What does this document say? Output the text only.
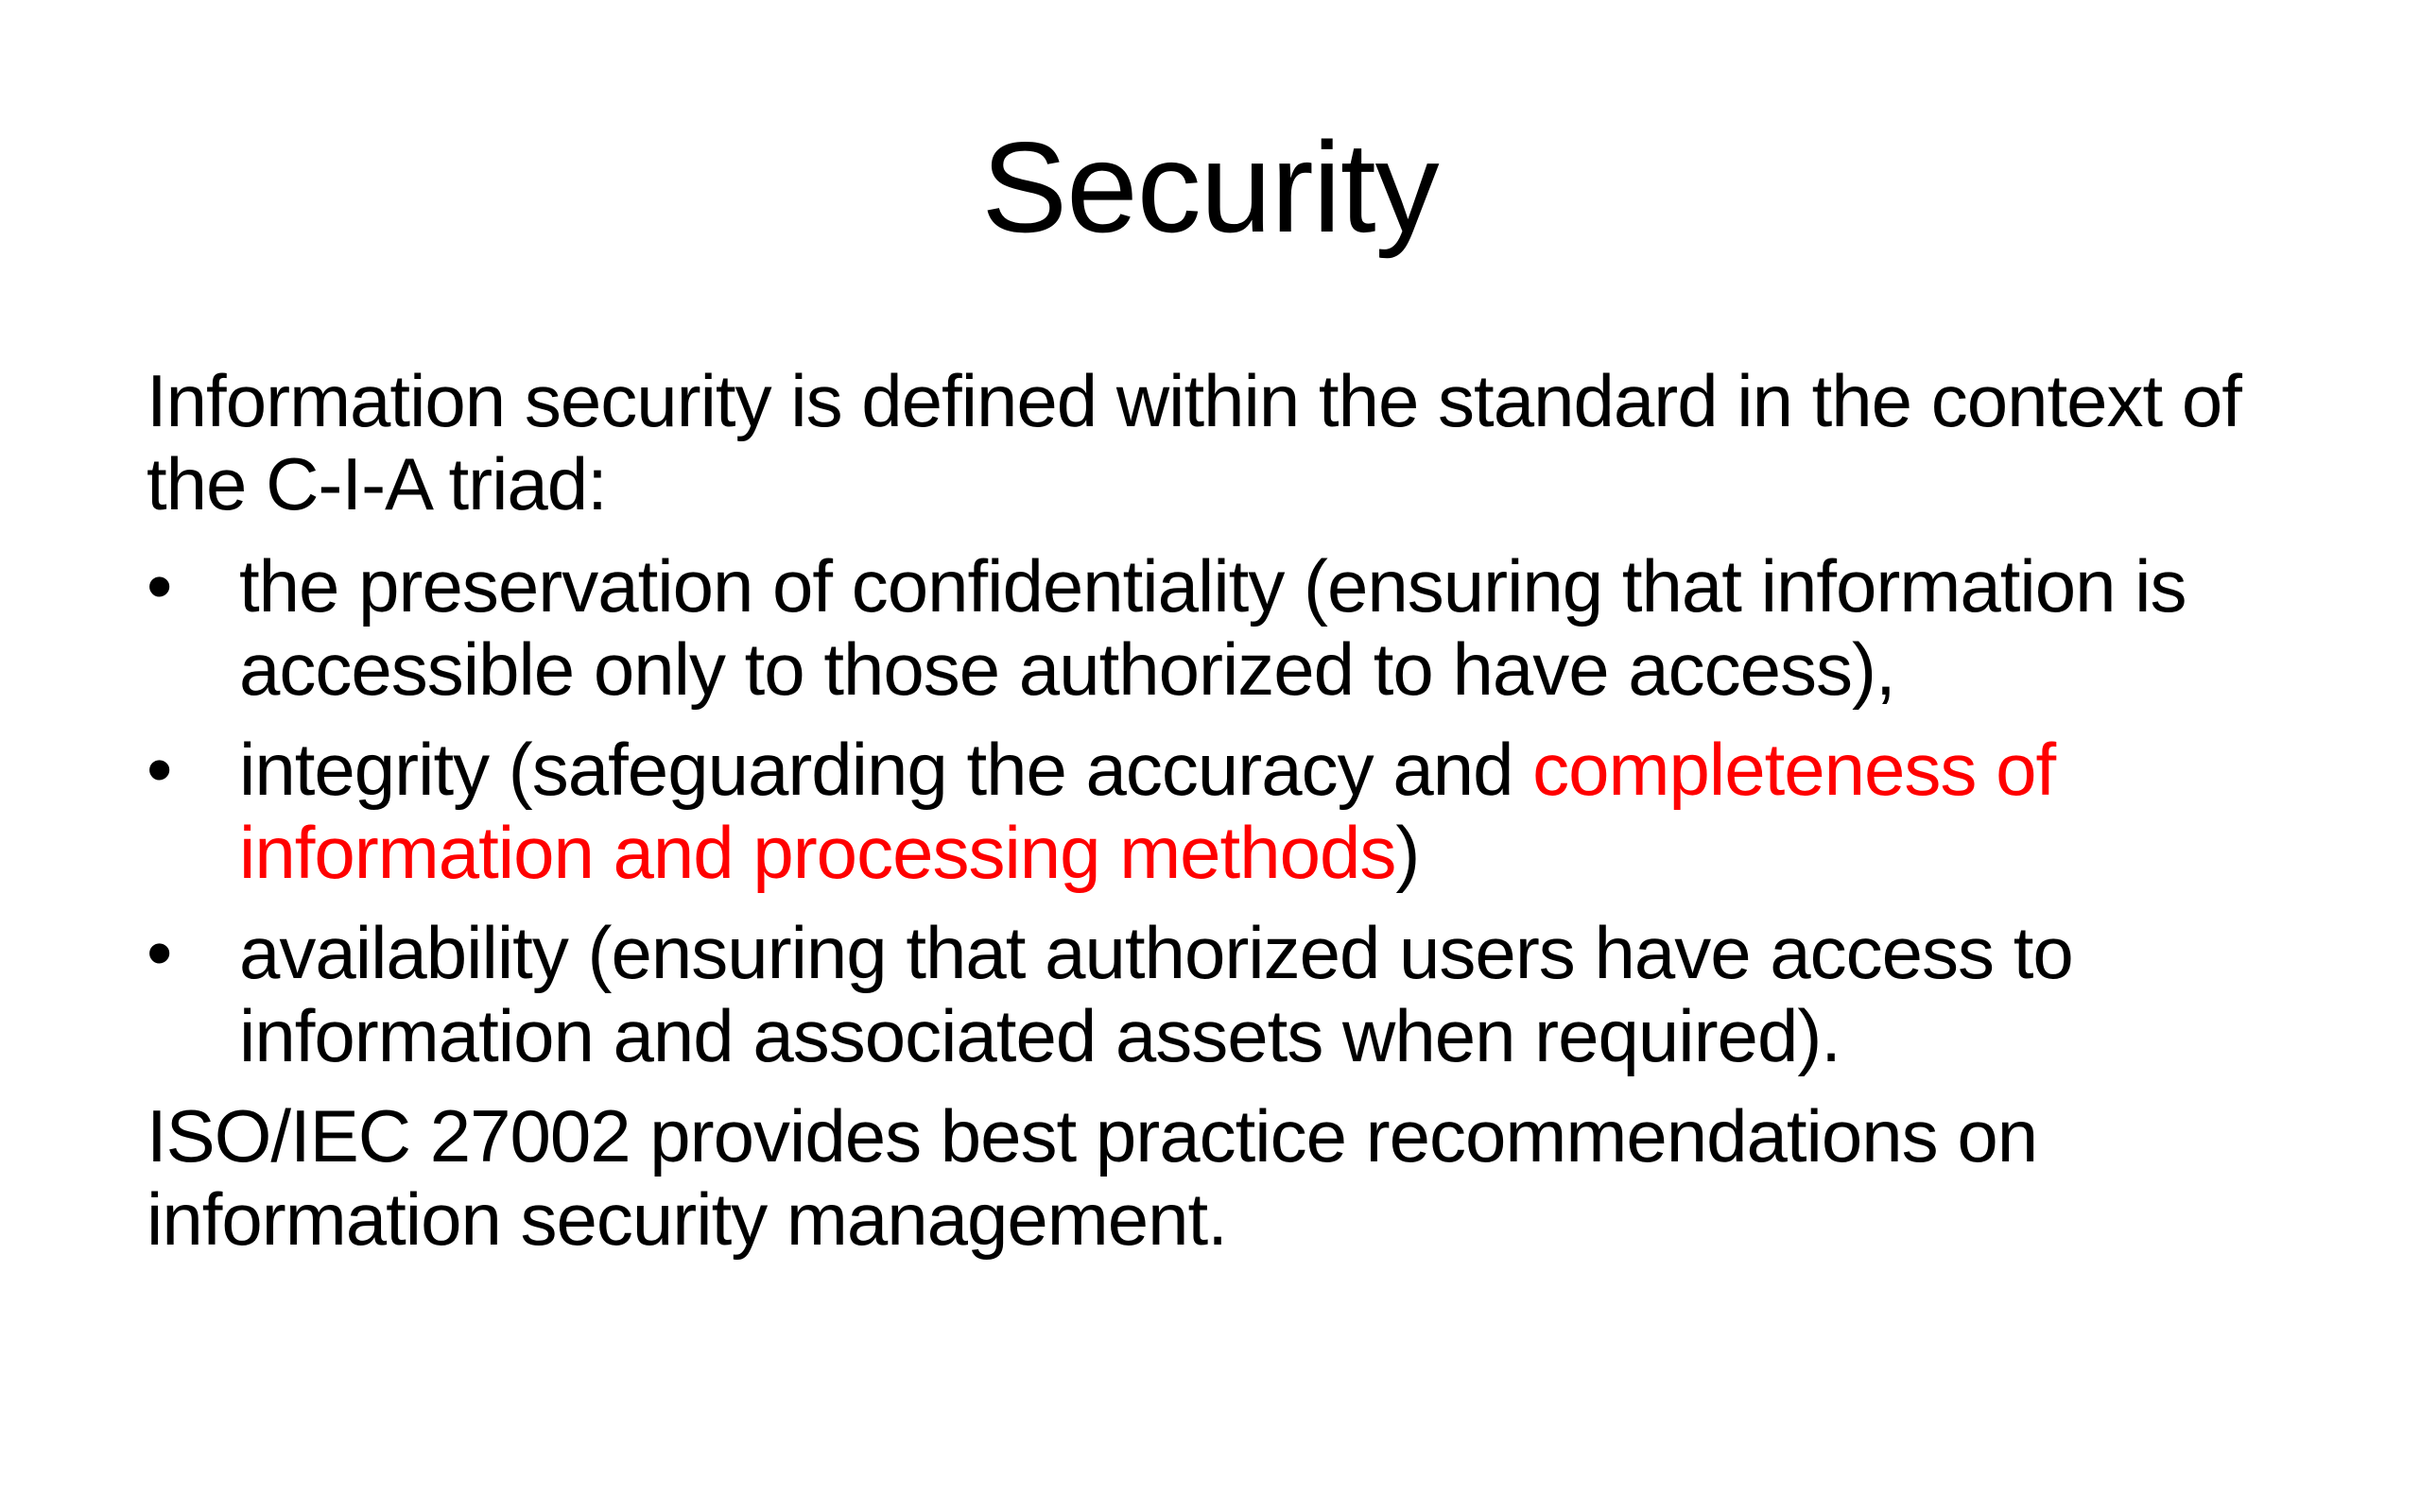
Security

Information security is defined within the standard in the context of the C-I-A triad:

• the preservation of confidentiality (ensuring that information is accessible only to those authorized to have access),
• integrity (safeguarding the accuracy and completeness of information and processing methods)
• availability (ensuring that authorized users have access to information and associated assets when required).

ISO/IEC 27002 provides best practice recommendations on information security management.
